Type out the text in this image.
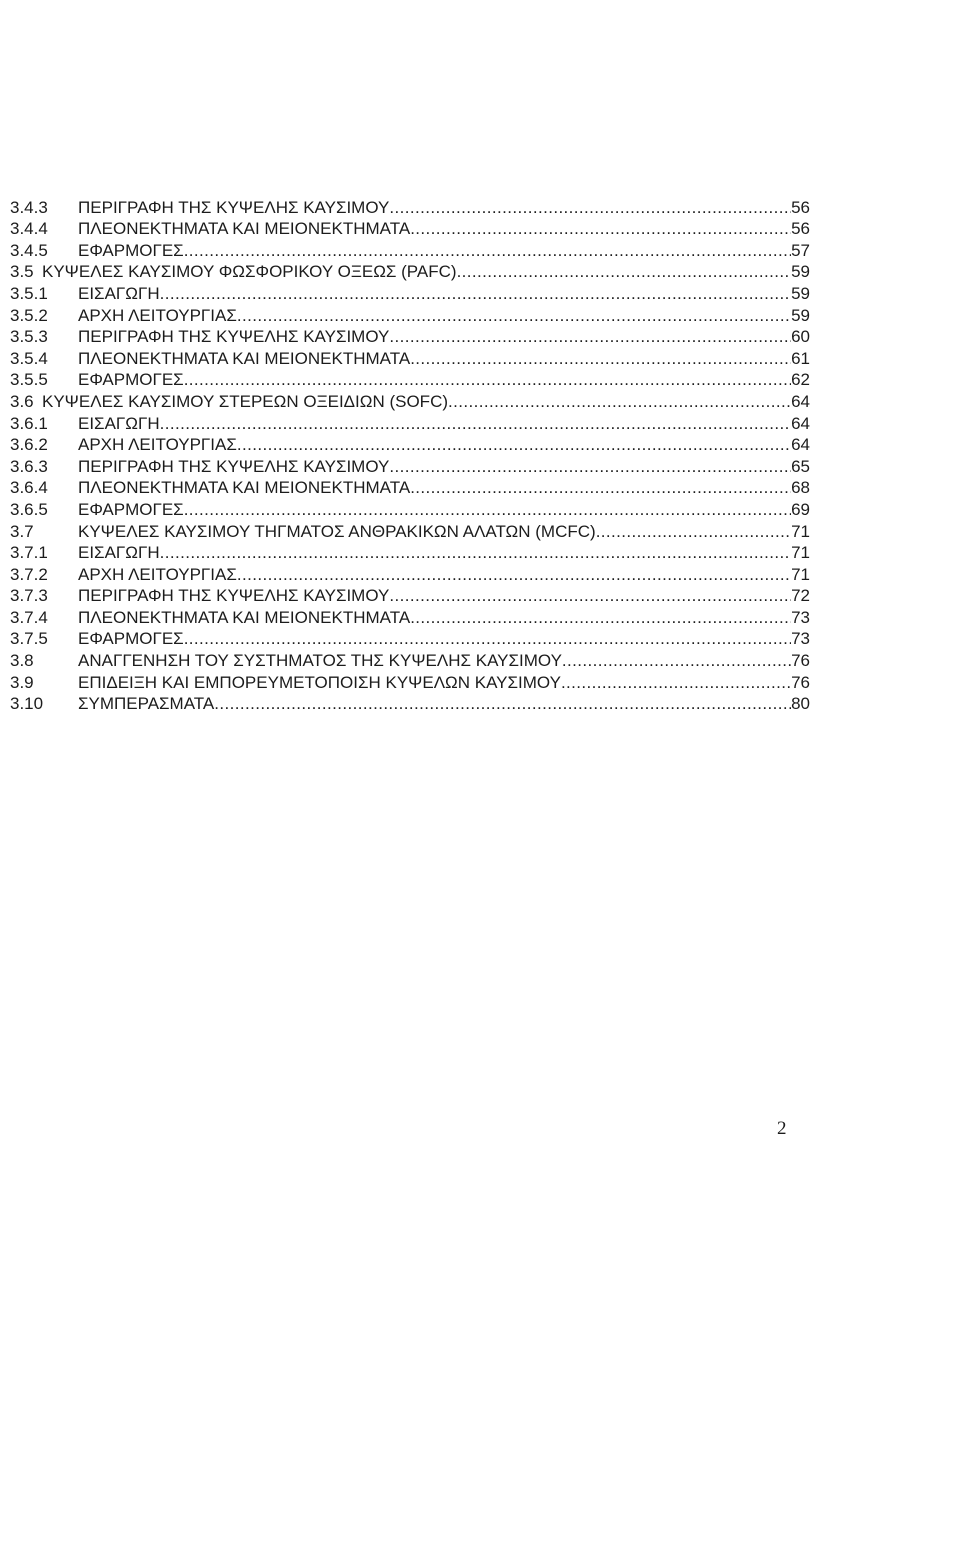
3.4.3	ΠΕΡΙΓΡΑΦΗ ΤΗΣ ΚΥΨΕΛΗΣ ΚΑΥΣΙΜΟΥ .....	56
3.4.4	ΠΛΕΟΝΕΚΤΗΜΑΤΑ ΚΑΙ ΜΕΙΟΝΕΚΤΗΜΑΤΑ .....	56
3.4.5	ΕΦΑΡΜΟΓΕΣ .....	57
3.5 ΚΥΨΕΛΕΣ ΚΑΥΣΙΜΟΥ ΦΩΣΦΟΡΙΚΟΥ ΟΞΕΩΣ (PAFC) .....	59
3.5.1	ΕΙΣΑΓΩΓΗ .....	59
3.5.2	ΑΡΧΗ ΛΕΙΤΟΥΡΓΙΑΣ .....	59
3.5.3	ΠΕΡΙΓΡΑΦΗ ΤΗΣ ΚΥΨΕΛΗΣ ΚΑΥΣΙΜΟΥ .....	60
3.5.4	ΠΛΕΟΝΕΚΤΗΜΑΤΑ ΚΑΙ ΜΕΙΟΝΕΚΤΗΜΑΤΑ .....	61
3.5.5	ΕΦΑΡΜΟΓΕΣ .....	62
3.6 ΚΥΨΕΛΕΣ ΚΑΥΣΙΜΟΥ ΣΤΕΡΕΩΝ ΟΞΕΙΔΙΩΝ (SOFC) .....	64
3.6.1	ΕΙΣΑΓΩΓΗ .....	64
3.6.2	ΑΡΧΗ ΛΕΙΤΟΥΡΓΙΑΣ .....	64
3.6.3	ΠΕΡΙΓΡΑΦΗ ΤΗΣ ΚΥΨΕΛΗΣ ΚΑΥΣΙΜΟΥ .....	65
3.6.4	ΠΛΕΟΝΕΚΤΗΜΑΤΑ ΚΑΙ ΜΕΙΟΝΕΚΤΗΜΑΤΑ .....	68
3.6.5	ΕΦΑΡΜΟΓΕΣ .....	69
3.7	ΚΥΨΕΛΕΣ ΚΑΥΣΙΜΟΥ ΤΗΓΜΑΤΟΣ ΑΝΘΡΑΚΙΚΩΝ ΑΛΑΤΩΝ (MCFC) .....	71
3.7.1	ΕΙΣΑΓΩΓΗ .....	71
3.7.2	ΑΡΧΗ ΛΕΙΤΟΥΡΓΙΑΣ .....	71
3.7.3	ΠΕΡΙΓΡΑΦΗ ΤΗΣ ΚΥΨΕΛΗΣ ΚΑΥΣΙΜΟΥ .....	72
3.7.4	ΠΛΕΟΝΕΚΤΗΜΑΤΑ ΚΑΙ ΜΕΙΟΝΕΚΤΗΜΑΤΑ .....	73
3.7.5	ΕΦΑΡΜΟΓΕΣ .....	73
3.8	ΑΝΑΓΓΕΝΗΣΗ ΤΟΥ ΣΥΣΤΗΜΑΤΟΣ ΤΗΣ ΚΥΨΕΛΗΣ ΚΑΥΣΙΜΟΥ .....	76
3.9	ΕΠΙΔΕΙΞΗ ΚΑΙ ΕΜΠΟΡΕΥΜΕΤΟΠΟΙΣΗ ΚΥΨΕΛΩΝ ΚΑΥΣΙΜΟΥ .....	76
3.10	ΣΥΜΠΕΡΑΣΜΑΤΑ .....	80
2
